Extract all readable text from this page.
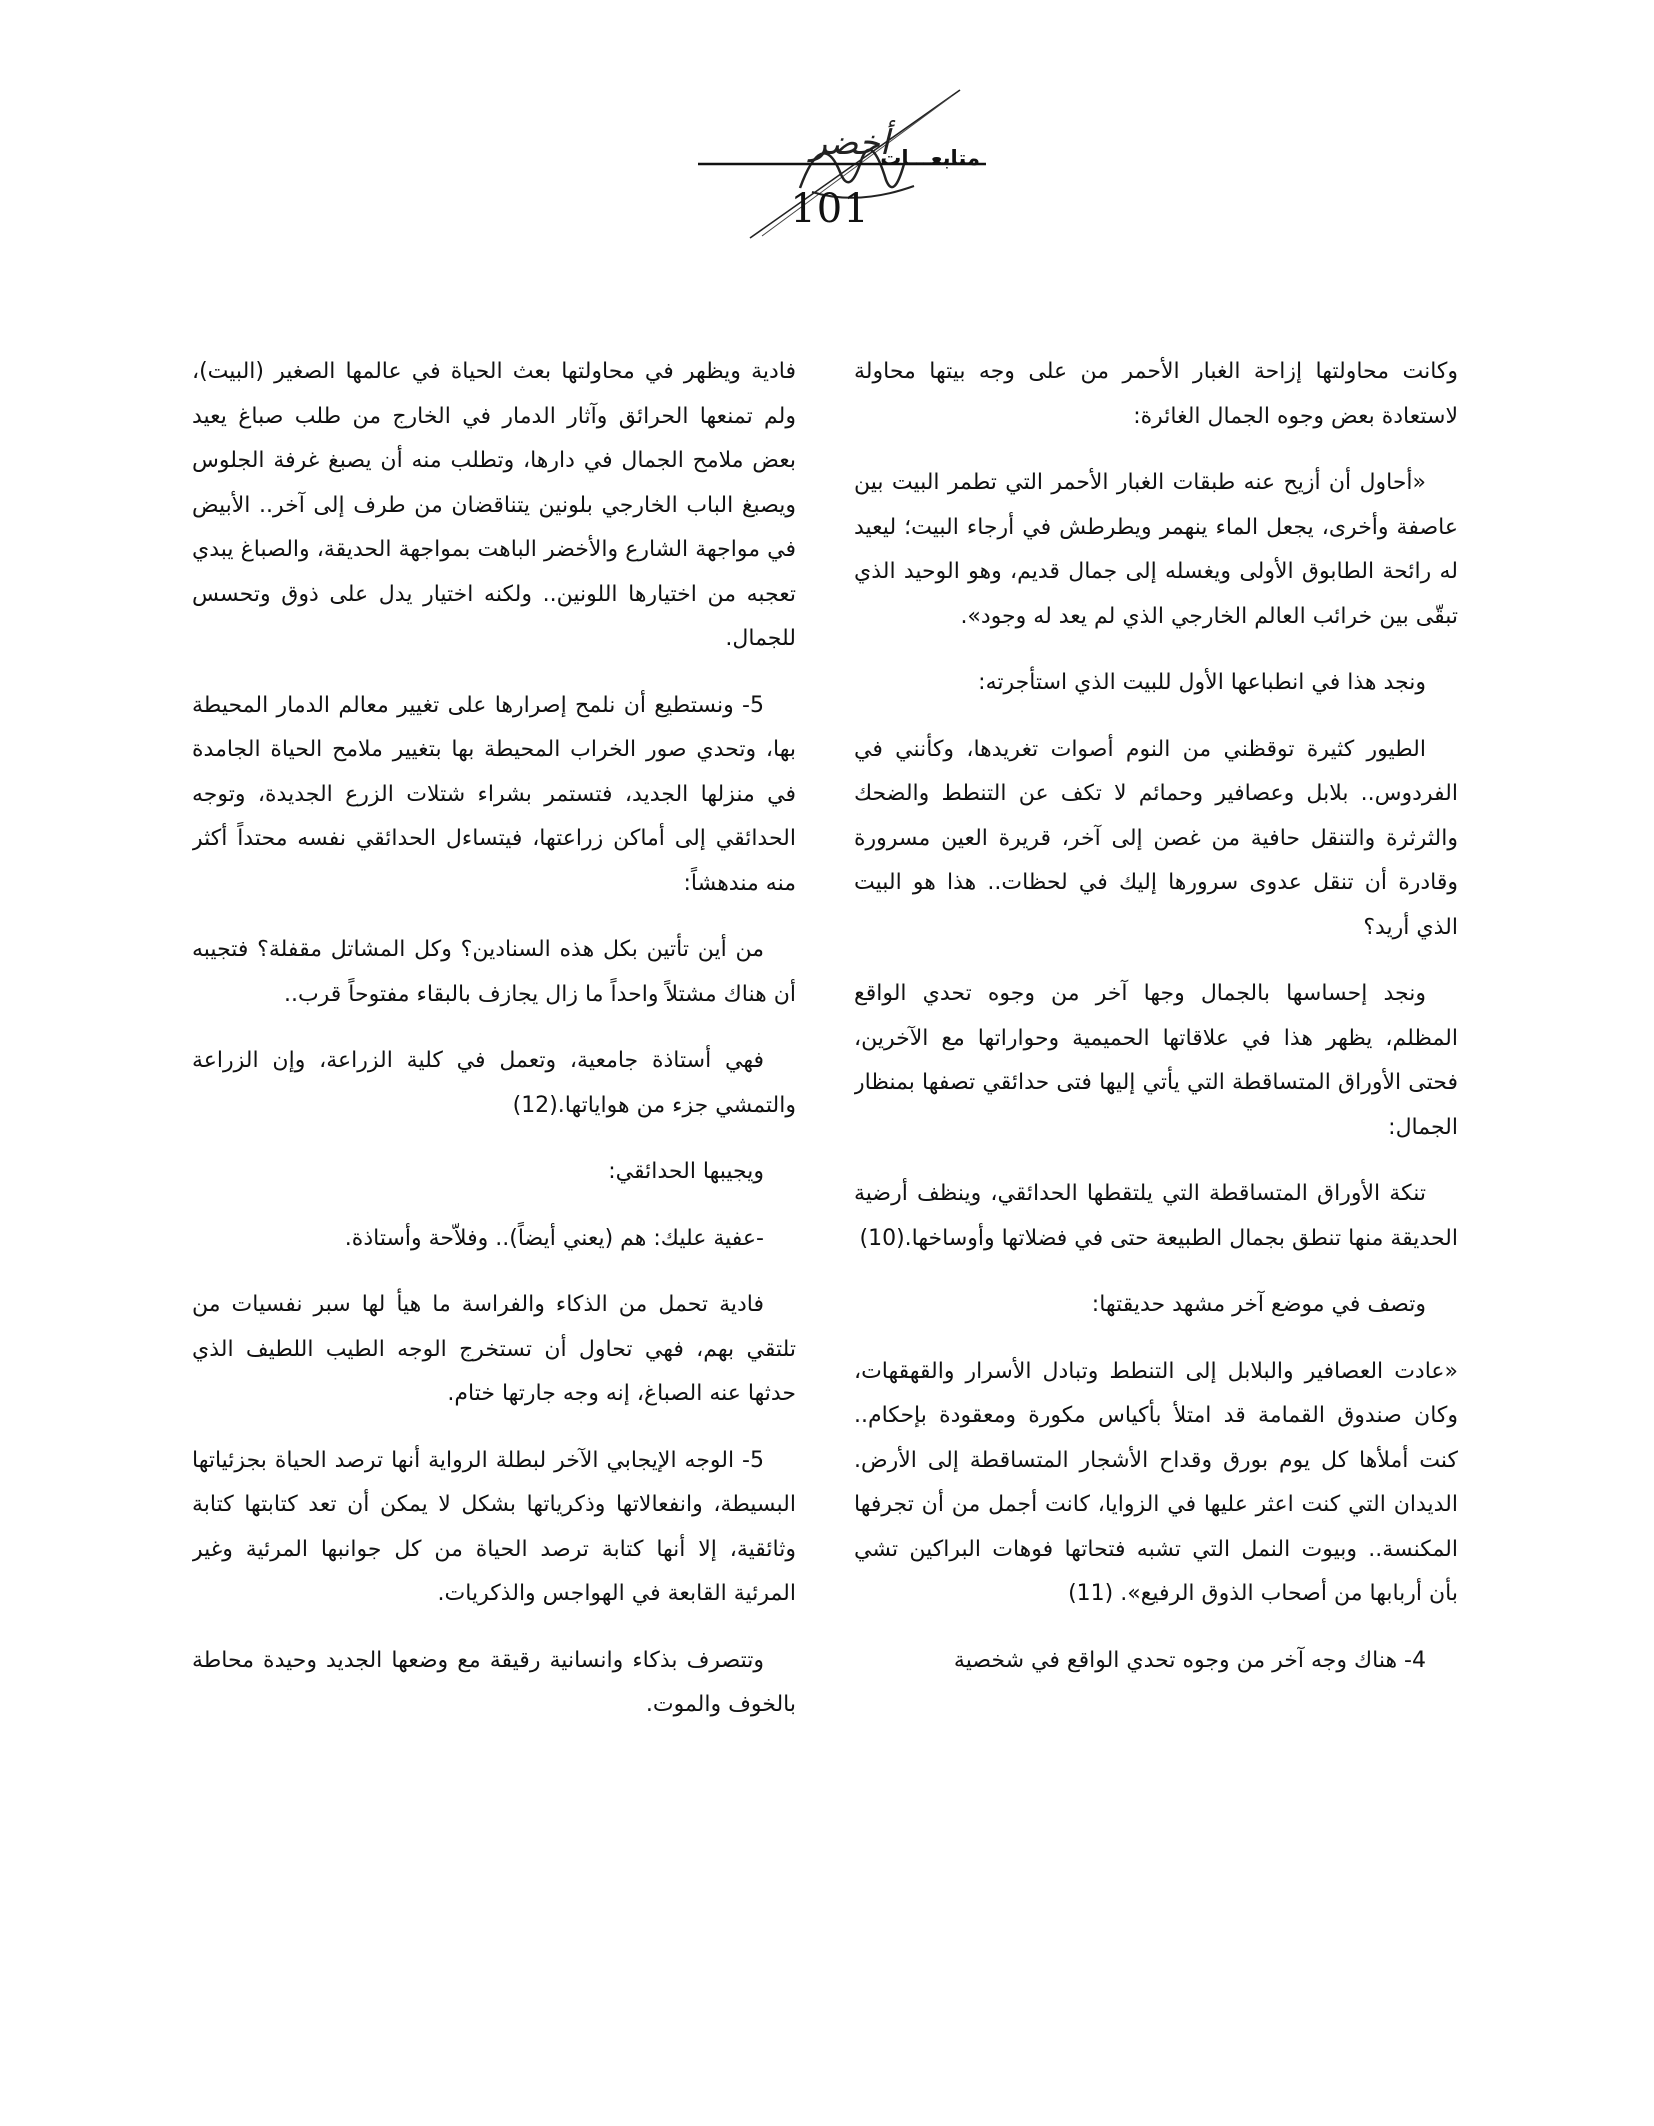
أخضر
متابعـــات
101

وكانت محاولتها إزاحة الغبار الأحمر من على وجه بيتها محاولة لاستعادة بعض وجوه الجمال الغائرة:

«أحاول أن أزيح عنه طبقات الغبار الأحمر التي تطمر البيت بين عاصفة وأخرى، يجعل الماء ينهمر ويطرطش في أرجاء البيت؛ ليعيد له رائحة الطابوق الأولى ويغسله إلى جمال قديم، وهو الوحيد الذي تبقّى بين خرائب العالم الخارجي الذي لم يعد له وجود».

ونجد هذا في انطباعها الأول للبيت الذي استأجرته:

الطيور كثيرة توقظني من النوم أصوات تغريدها، وكأنني في الفردوس.. بلابل وعصافير وحمائم لا تكف عن التنطط والضحك والثرثرة والتنقل حافية من غصن إلى آخر، قريرة العين مسرورة وقادرة أن تنقل عدوى سرورها إليك في لحظات.. هذا هو البيت الذي أريد؟

ونجد إحساسها بالجمال وجها آخر من وجوه تحدي الواقع المظلم، يظهر هذا في علاقاتها الحميمية وحواراتها مع الآخرين، فحتى الأوراق المتساقطة التي يأتي إليها فتى حدائقي تصفها بمنظار الجمال:

تنكة الأوراق المتساقطة التي يلتقطها الحدائقي، وينظف أرضية الحديقة منها تنطق بجمال الطبيعة حتى في فضلاتها وأوساخها.(10)

وتصف في موضع آخر مشهد حديقتها:

«عادت العصافير والبلابل إلى التنطط وتبادل الأسرار والقهقهات، وكان صندوق القمامة قد امتلأ بأكياس مكورة ومعقودة بإحكام.. كنت أملأها كل يوم بورق وقداح الأشجار المتساقطة إلى الأرض. الديدان التي كنت اعثر عليها في الزوايا، كانت أجمل من أن تجرفها المكنسة.. وبيوت النمل التي تشبه فتحاتها فوهات البراكين تشي بأن أربابها من أصحاب الذوق الرفيع». (11)

4- هناك وجه آخر من وجوه تحدي الواقع في شخصية

فادية ويظهر في محاولتها بعث الحياة في عالمها الصغير (البيت)، ولم تمنعها الحرائق وآثار الدمار في الخارج من طلب صباغ يعيد بعض ملامح الجمال في دارها، وتطلب منه أن يصبغ غرفة الجلوس ويصبغ الباب الخارجي بلونين يتناقضان من طرف إلى آخر.. الأبيض في مواجهة الشارع والأخضر الباهت بمواجهة الحديقة، والصباغ يبدي تعجبه من اختيارها اللونين.. ولكنه اختيار يدل على ذوق وتحسس للجمال.

5- ونستطيع أن نلمح إصرارها على تغيير معالم الدمار المحيطة بها، وتحدي صور الخراب المحيطة بها بتغيير ملامح الحياة الجامدة في منزلها الجديد، فتستمر بشراء شتلات الزرع الجديدة، وتوجه الحدائقي إلى أماكن زراعتها، فيتساءل الحدائقي نفسه محتداً أكثر منه مندهشاً:

من أين تأتين بكل هذه السنادين؟ وكل المشاتل مقفلة؟ فتجيبه أن هناك مشتلاً واحداً ما زال يجازف بالبقاء مفتوحاً قرب..

فهي أستاذة جامعية، وتعمل في كلية الزراعة، وإن الزراعة والتمشي جزء من هواياتها.(12)

ويجيبها الحدائقي:

-عفية عليك: هم (يعني أيضاً).. وفلاّحة وأستاذة.

فادية تحمل من الذكاء والفراسة ما هيأ لها سبر نفسيات من تلتقي بهم، فهي تحاول أن تستخرج الوجه الطيب اللطيف الذي حدثها عنه الصباغ، إنه وجه جارتها ختام.

5- الوجه الإيجابي الآخر لبطلة الرواية أنها ترصد الحياة بجزئياتها البسيطة، وانفعالاتها وذكرياتها بشكل لا يمكن أن تعد كتابتها كتابة وثائقية، إلا أنها كتابة ترصد الحياة من كل جوانبها المرئية وغير المرئية القابعة في الهواجس والذكريات.

وتتصرف بذكاء وانسانية رقيقة مع وضعها الجديد وحيدة محاطة بالخوف والموت.
